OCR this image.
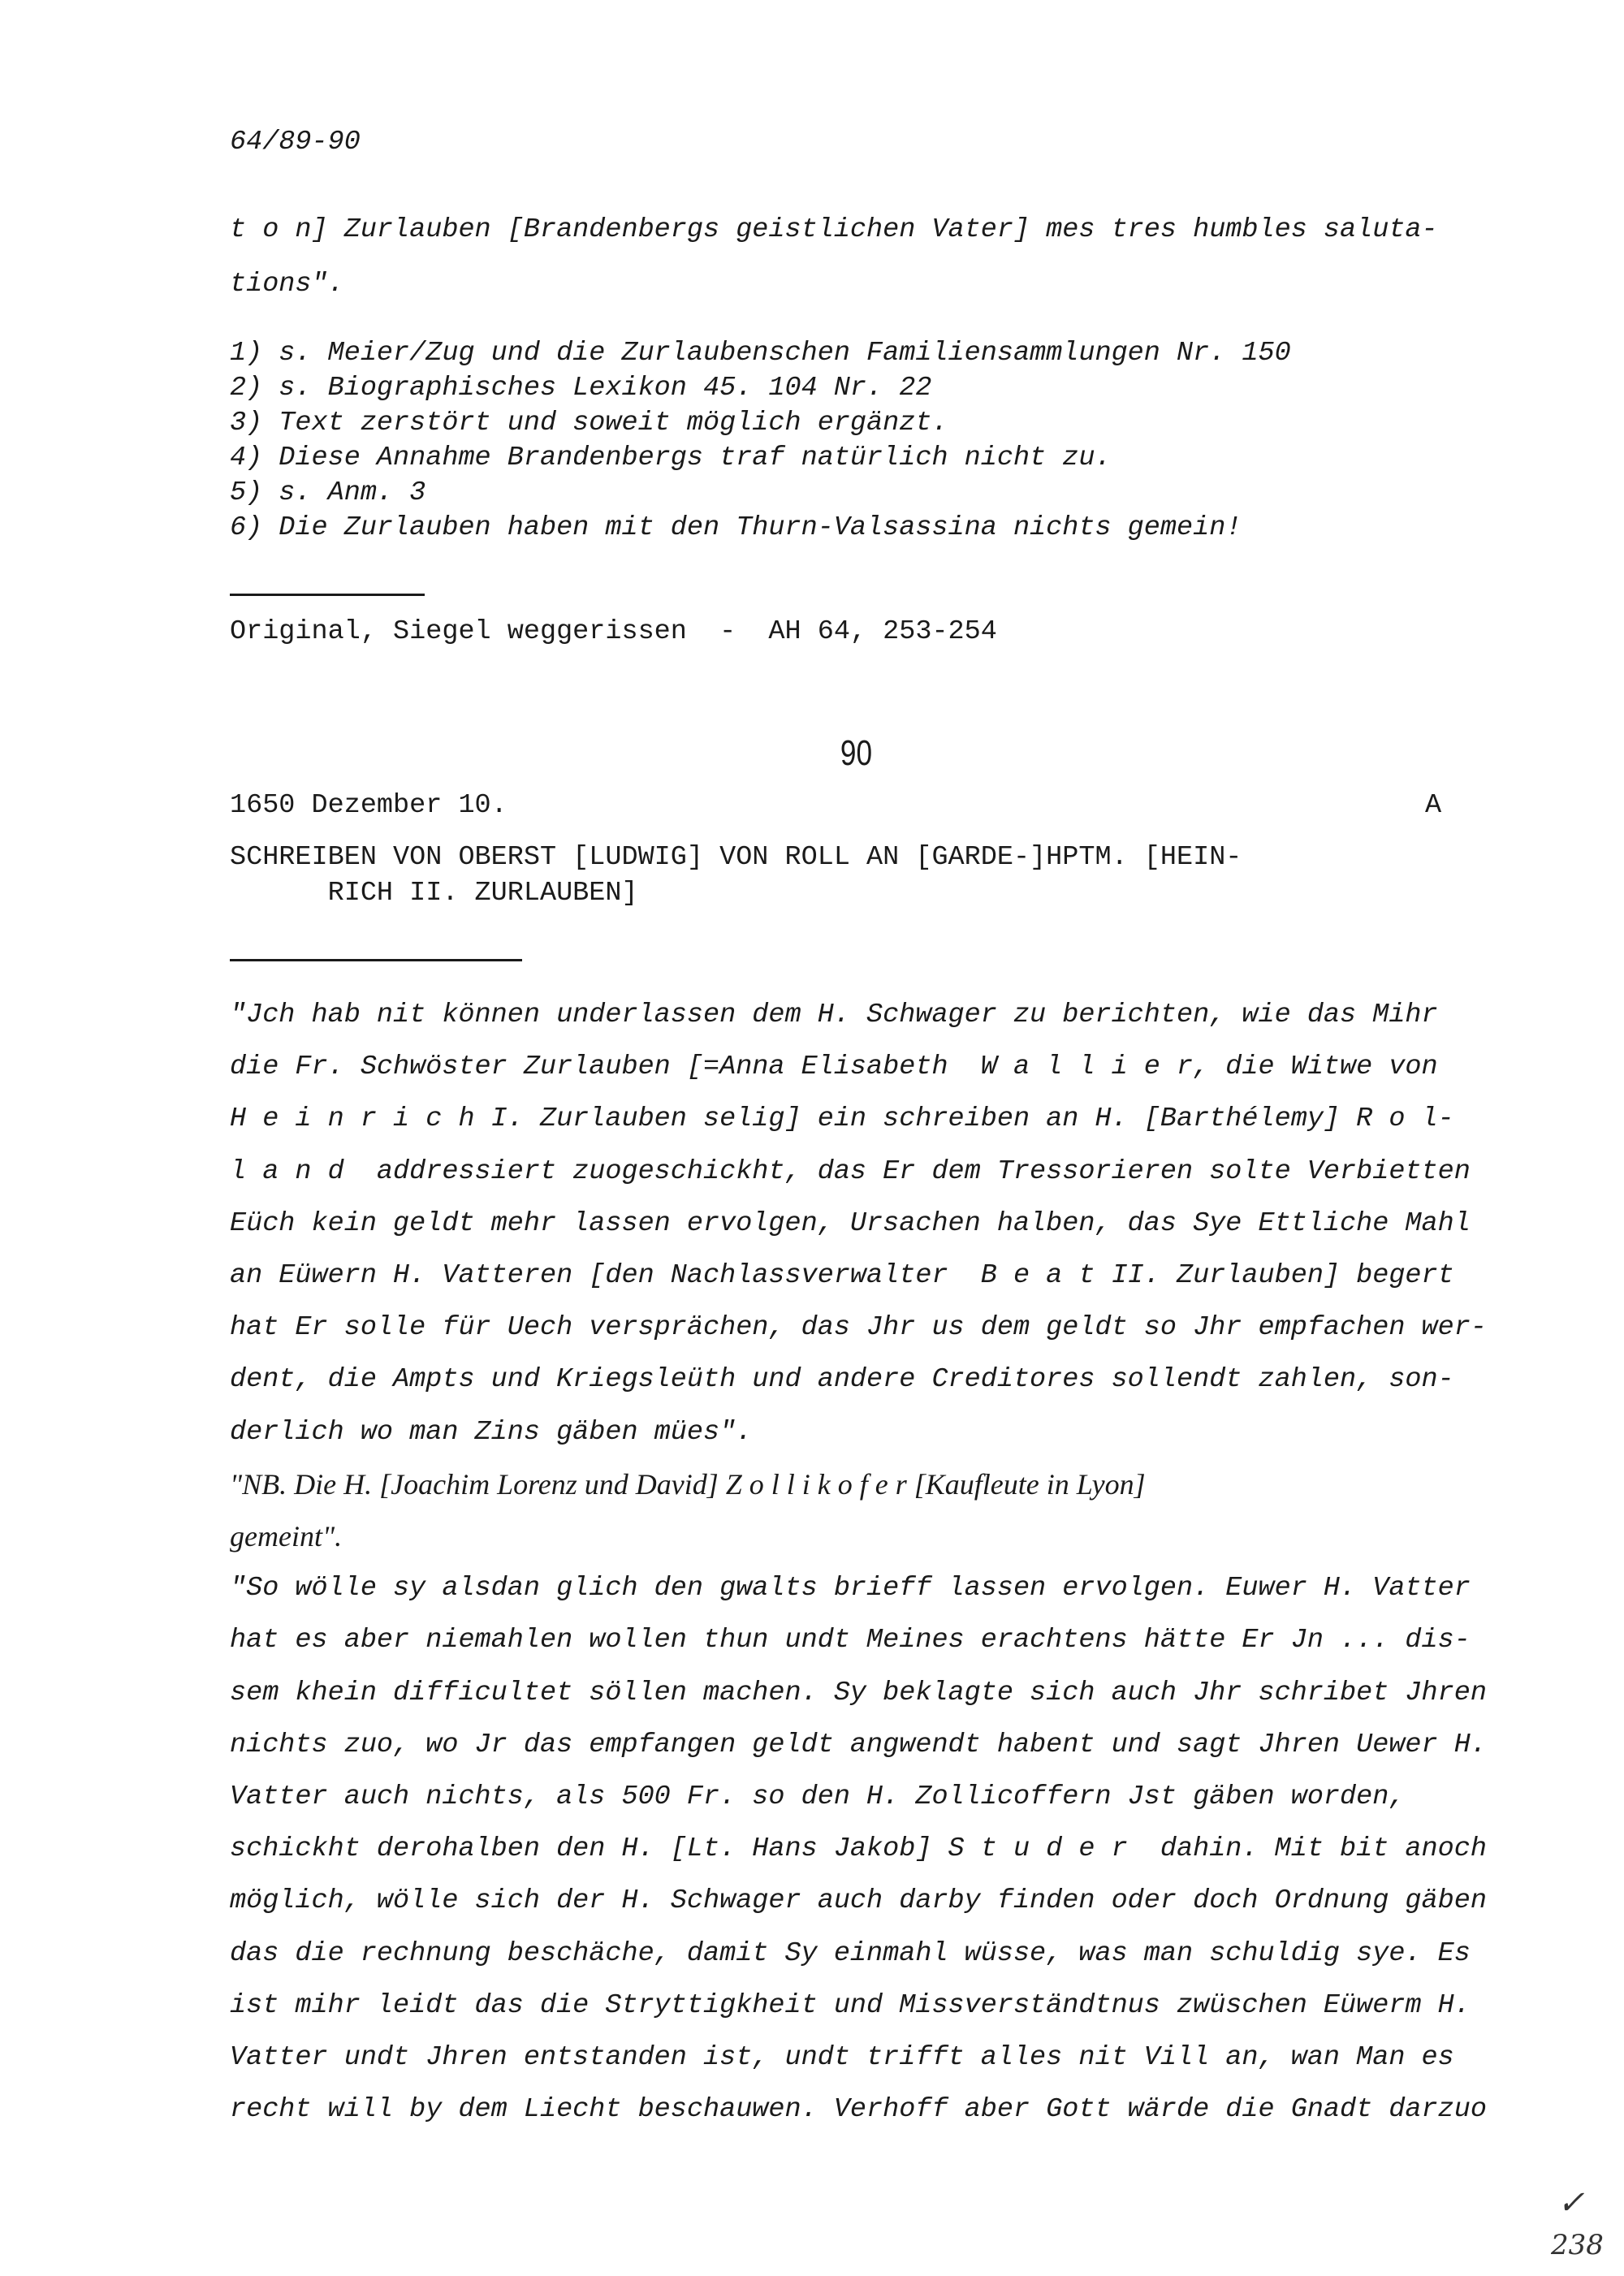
64/89-90
t o n] Zurlauben [Brandenbergs geistlichen Vater] mes tres humbles saluta-
tions".
1) s. Meier/Zug und die Zurlaubenschen Familiensammlungen Nr. 150
2) s. Biographisches Lexikon 45. 104 Nr. 22
3) Text zerstört und soweit möglich ergänzt.
4) Diese Annahme Brandenbergs traf natürlich nicht zu.
5) s. Anm. 3
6) Die Zurlauben haben mit den Thurn-Valsassina nichts gemein!
Original, Siegel weggerissen  -  AH 64, 253-254
90
1650 Dezember 10.	A
SCHREIBEN VON OBERST [LUDWIG] VON ROLL AN [GARDE-]HPTM. [HEIN-
RICH II. ZURLAUBEN]
"Jch hab nit können underlassen dem H. Schwager zu berichten, wie das Mihr
die Fr. Schwöster Zurlauben [=Anna Elisabeth  W a l l i e r, die Witwe von
H e i n r i c h I. Zurlauben selig] ein schreiben an H. [Barthélemy] R o l-
l a n d  addressiert zuogeschickht, das Er dem Tressorieren solte Verbietten
Eüch kein geldt mehr lassen ervolgen, Ursachen halben, das Sye Ettliche Mahl
an Eüwern H. Vatteren [den Nachlassverwalter  B e a t II. Zurlauben] begert
hat Er solle für Uech versprächen, das Jhr us dem geldt so Jhr empfachen wer-
dent, die Ampts und Kriegsleüth und andere Creditores sollendt zahlen, son-
derlich wo man Zins gäben mües".
"NB. Die H. [Joachim Lorenz und David] Z o l l i k o f e r [Kaufleute in Lyon]
gemeint".
"So wölle sy alsdan glich den gwalts brieff lassen ervolgen. Euwer H. Vatter
hat es aber niemahlen wollen thun undt Meines erachtens hätte Er Jn ... dis-
sem khein difficultet söllen machen. Sy beklagte sich auch Jhr schribet Jhren
nichts zuo, wo Jr das empfangen geldt angwendt habent und sagt Jhren Uewer H.
Vatter auch nichts, als 500 Fr. so den H. Zollicoffern Jst gäben worden,
schickht derohalben den H. [Lt. Hans Jakob] S t u d e r  dahin. Mit bit anoch
möglich, wölle sich der H. Schwager auch darby finden oder doch Ordnung gäben
das die rechnung beschäche, damit Sy einmahl wüsse, was man schuldig sye. Es
ist mihr leidt das die Stryttigkheit und Missverständtnus zwüschen Eüwerm H.
Vatter undt Jhren entstanden ist, undt trifft alles nit Vill an, wan Man es
recht will by dem Liecht beschauwen. Verhoff aber Gott wärde die Gnadt darzuo
✓
238
